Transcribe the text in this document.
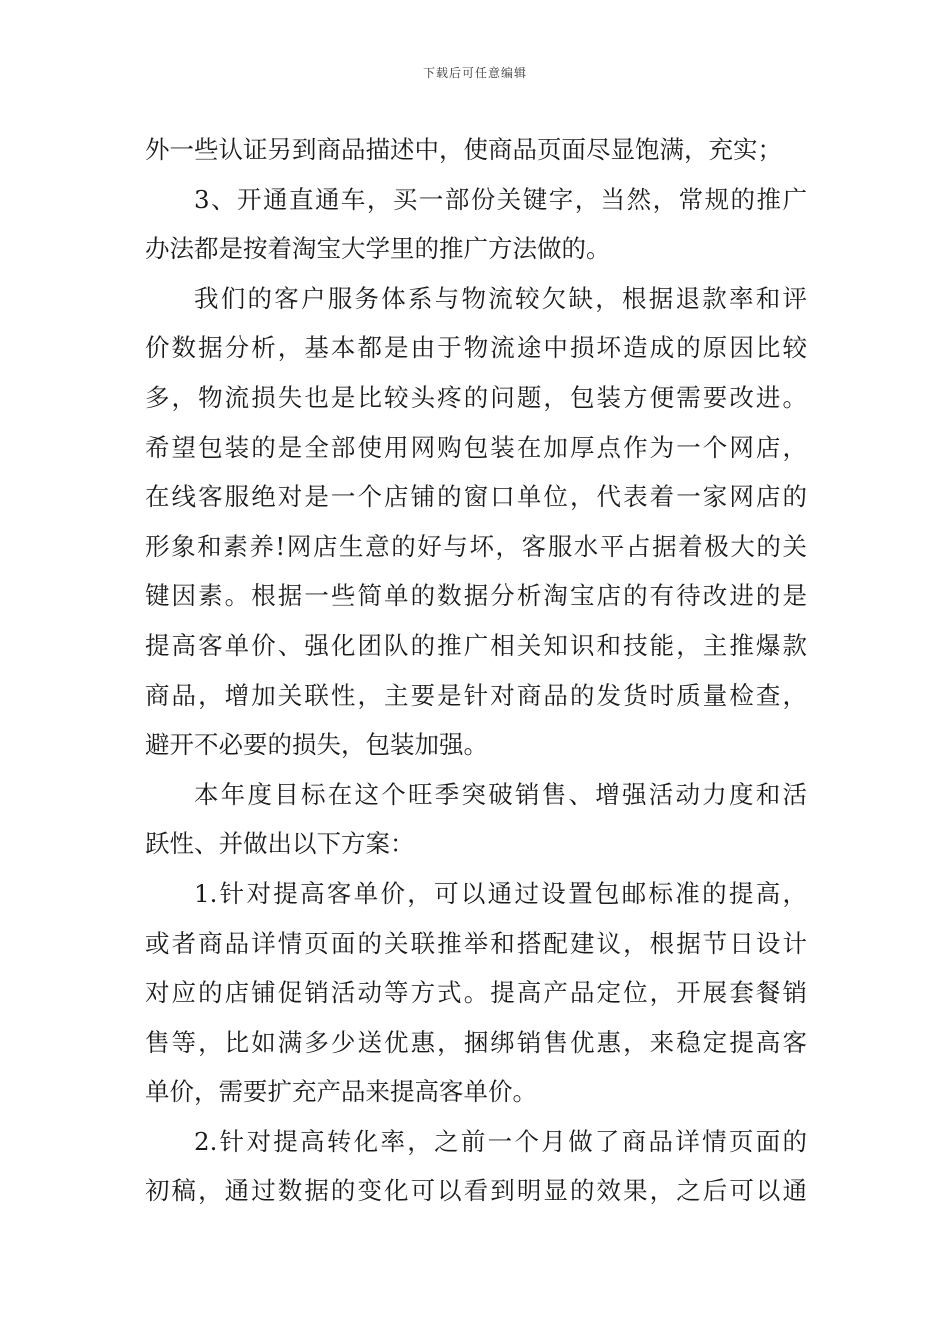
下载后可任意编辑
外一些认证另到商品描述中，使商品页面尽显饱满，充实；
3、开通直通车，买一部份关键字，当然，常规的推广
办法都是按着淘宝大学里的推广方法做的。
我们的客户服务体系与物流较欠缺，根据退款率和评
价数据分析，基本都是由于物流途中损坏造成的原因比较
多，物流损失也是比较头疼的问题，包装方便需要改进。
希望包装的是全部使用网购包装在加厚点作为一个网店，
在线客服绝对是一个店铺的窗口单位，代表着一家网店的
形象和素养!网店生意的好与坏，客服水平占据着极大的关
键因素。根据一些简单的数据分析淘宝店的有待改进的是
提高客单价、强化团队的推广相关知识和技能，主推爆款
商品，增加关联性，主要是针对商品的发货时质量检查，
避开不必要的损失，包装加强。
本年度目标在这个旺季突破销售、增强活动力度和活
跃性、并做出以下方案：
1.针对提高客单价，可以通过设置包邮标准的提高，
或者商品详情页面的关联推举和搭配建议，根据节日设计
对应的店铺促销活动等方式。提高产品定位，开展套餐销
售等，比如满多少送优惠，捆绑销售优惠，来稳定提高客
单价，需要扩充产品来提高客单价。
2.针对提高转化率，之前一个月做了商品详情页面的
初稿，通过数据的变化可以看到明显的效果，之后可以通
